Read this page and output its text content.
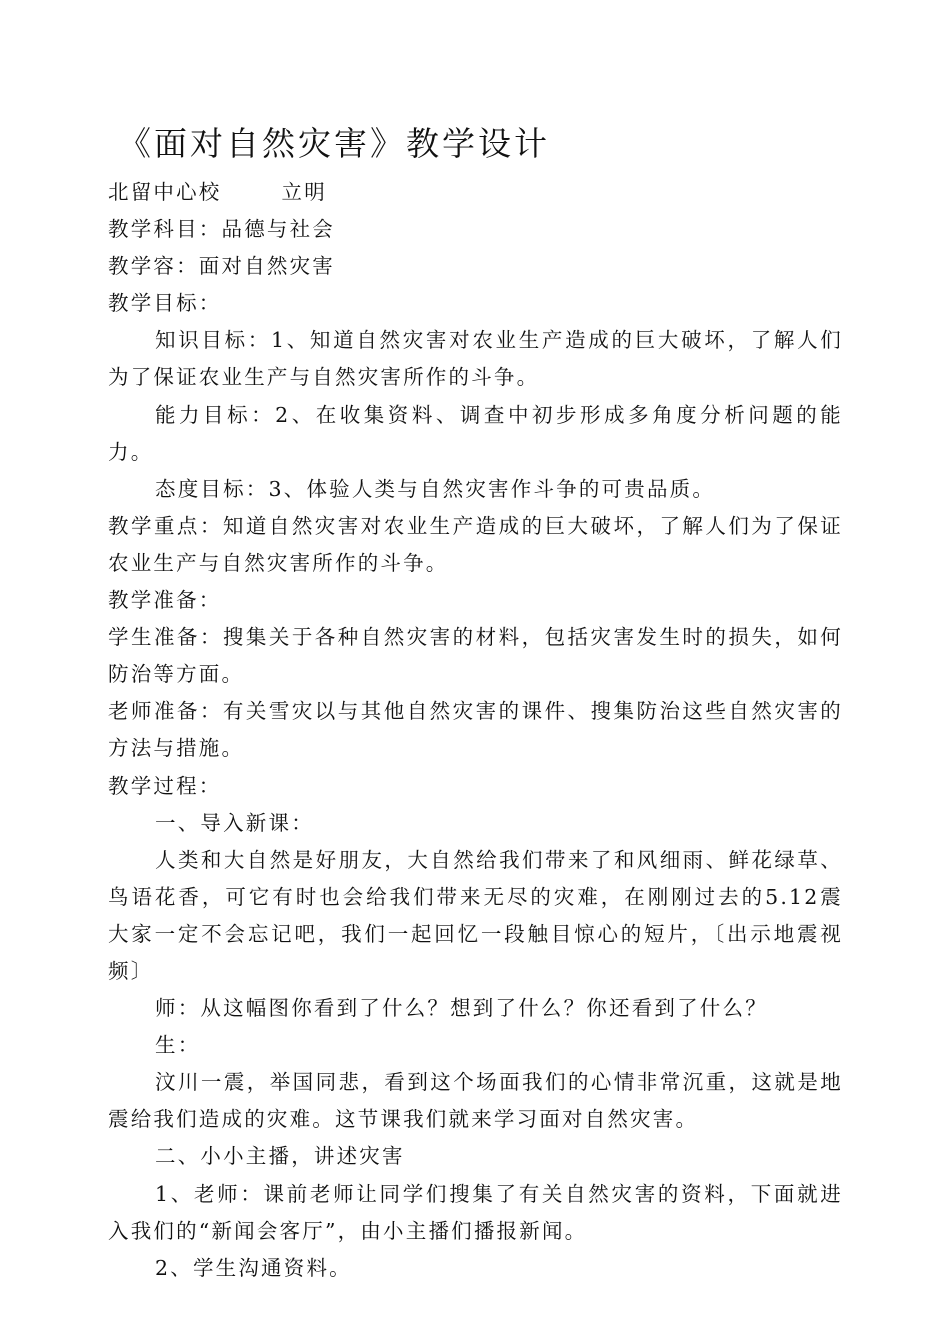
《面对自然灾害》教学设计

北留中心校	立明

教学科目：品德与社会

教学容：面对自然灾害

教学目标：

知识目标：1、知道自然灾害对农业生产造成的巨大破坏，了解人们为了保证农业生产与自然灾害所作的斗争。

能力目标：2、在收集资料、调查中初步形成多角度分析问题的能力。

态度目标：3、体验人类与自然灾害作斗争的可贵品质。

教学重点：知道自然灾害对农业生产造成的巨大破坏，了解人们为了保证农业生产与自然灾害所作的斗争。

教学准备：

学生准备：搜集关于各种自然灾害的材料，包括灾害发生时的损失，如何防治等方面。

老师准备：有关雪灾以与其他自然灾害的课件、搜集防治这些自然灾害的方法与措施。

教学过程：

一、导入新课：

人类和大自然是好朋友，大自然给我们带来了和风细雨、鲜花绿草、鸟语花香，可它有时也会给我们带来无尽的灾难，在刚刚过去的5.12震大家一定不会忘记吧，我们一起回忆一段触目惊心的短片，〔出示地震视频〕

师：从这幅图你看到了什么？想到了什么？你还看到了什么？

生：

汶川一震，举国同悲，看到这个场面我们的心情非常沉重，这就是地震给我们造成的灾难。这节课我们就来学习面对自然灾害。

二、小小主播，讲述灾害

1、老师：课前老师让同学们搜集了有关自然灾害的资料，下面就进入我们的“新闻会客厅”，由小主播们播报新闻。

2、学生沟通资料。
